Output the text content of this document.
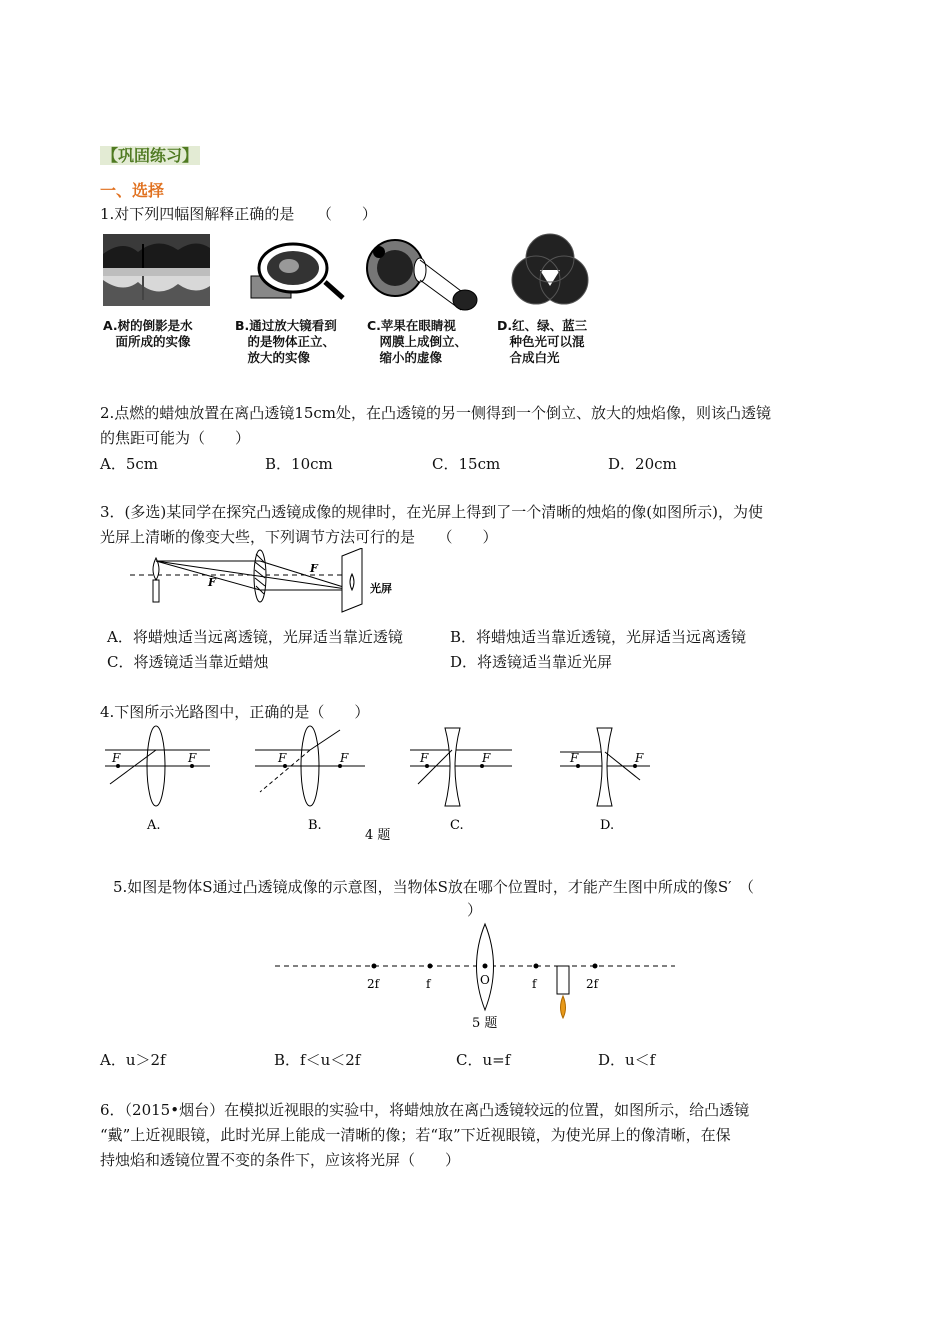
【巩固练习】
一、选择
1.对下列四幅图解释正确的是　　（　　）
A.树的倒影是水
　面所成的实像
B.通过放大镜看到
　的是物体正立、
　放大的实像
C.苹果在眼睛视
　网膜上成倒立、
　缩小的虚像
D.红、绿、蓝三
　种色光可以混
　合成白光
2.点燃的蜡烛放置在离凸透镜15cm处，在凸透镜的另一侧得到一个倒立、放大的烛焰像，则该凸透镜
的焦距可能为（　　）
A．5cm	B．10cm	C．15cm	D．20cm
3．(多选)某同学在探究凸透镜成像的规律时，在光屏上得到了一个清晰的烛焰的像(如图所示)，为使
光屏上清晰的像变大些，下列调节方法可行的是　　（　　）
F
F
光屏
A．将蜡烛适当远离透镜，光屏适当靠近透镜	B．将蜡烛适当靠近透镜，光屏适当远离透镜
C．将透镜适当靠近蜡烛	D．将透镜适当靠近光屏
4.下图所示光路图中，正确的是（　　）
F	F
A.
F	F
B.
F	F
C.
F	F
D.
4 题
5.如图是物体S通过凸透镜成像的示意图，当物体S放在哪个位置时，才能产生图中所成的像S′　（
）
2f	f	O	f	2f
5 题
A．u＞2f	B．f＜u＜2f	C．u=f	D．u＜f
6．（2015•烟台）在模拟近视眼的实验中，将蜡烛放在离凸透镜较远的位置，如图所示，给凸透镜
“戴”上近视眼镜，此时光屏上能成一清晰的像；若“取”下近视眼镜，为使光屏上的像清晰，在保
持烛焰和透镜位置不变的条件下，应该将光屏（　　）
